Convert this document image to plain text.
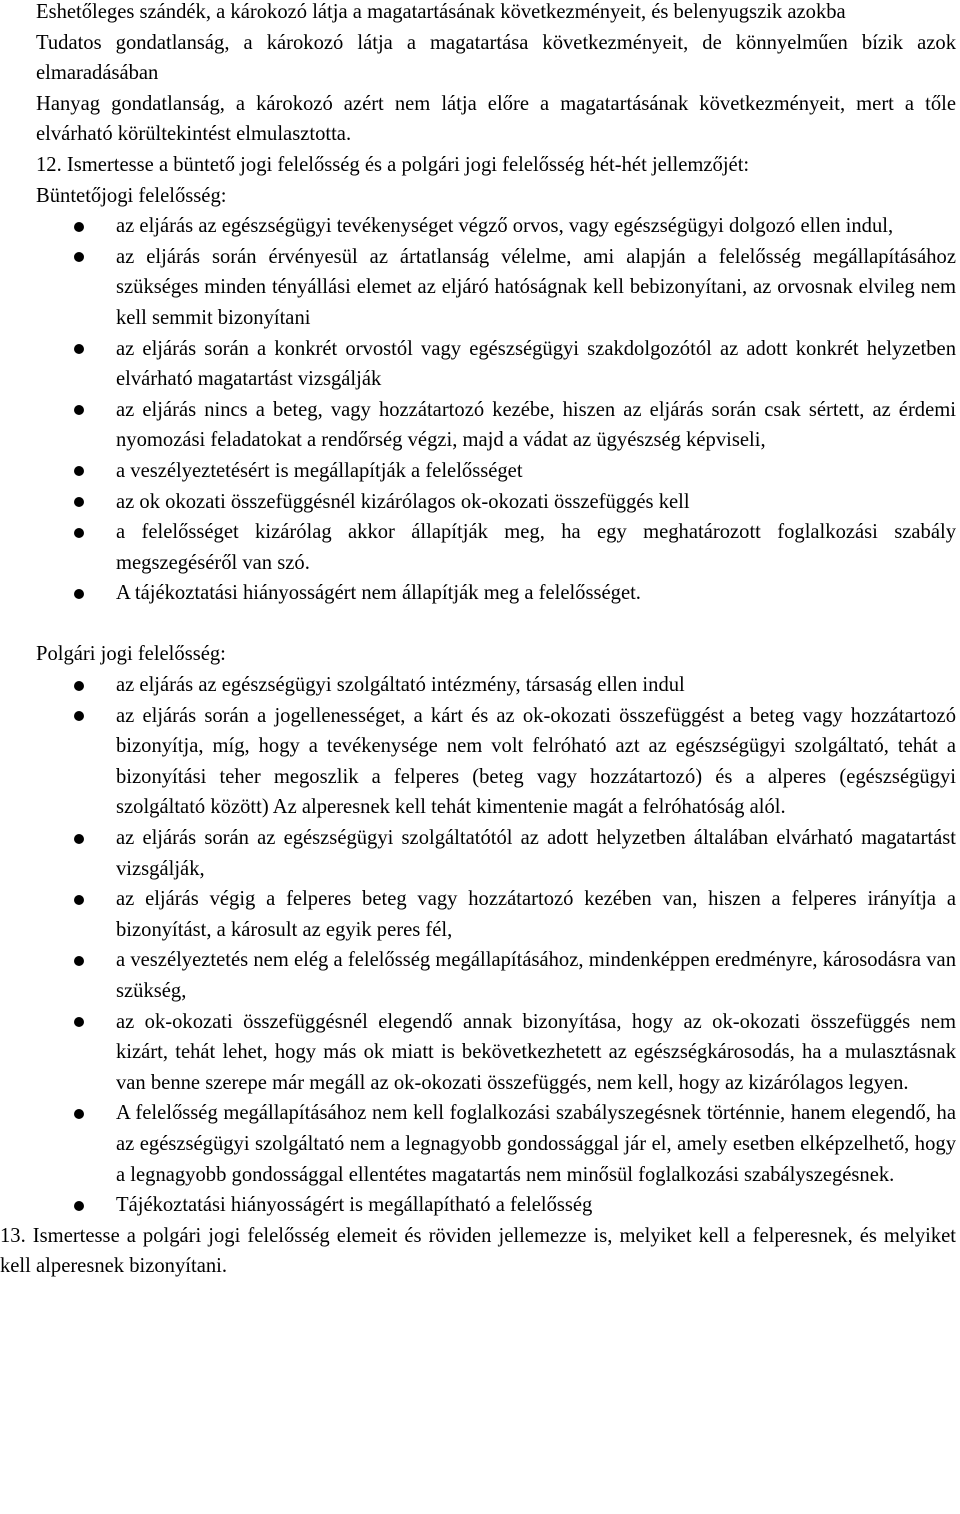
Eshetőleges szándék, a károkozó látja a magatartásának következményeit, és belenyugszik azokba

Tudatos gondatlanság, a károkozó látja a magatartása következményeit, de könnyelműen bízik azok elmaradásában

Hanyag gondatlanság, a károkozó azért nem látja előre a magatartásának következményeit, mert a tőle elvárható körültekintést elmulasztotta.

12. Ismertesse a büntető jogi felelősség és a polgári jogi felelősség hét-hét jellemzőjét:

Büntetőjogi felelősség:

az eljárás az egészségügyi tevékenységet végző orvos, vagy egészségügyi dolgozó ellen indul,
az eljárás során érvényesül az ártatlanság vélelme, ami alapján a felelősség megállapításához szükséges minden tényállási elemet az eljáró hatóságnak kell bebizonyítani, az orvosnak elvileg nem kell semmit bizonyítani
az eljárás során a konkrét orvostól vagy egészségügyi szakdolgozótól az adott konkrét helyzetben elvárható magatartást vizsgálják
az eljárás nincs a beteg, vagy hozzátartozó kezébe, hiszen az eljárás során csak sértett, az érdemi nyomozási feladatokat a rendőrség végzi, majd a vádat az ügyészség képviseli,
a veszélyeztetésért is megállapítják a felelősséget
az ok okozati összefüggésnél kizárólagos ok-okozati összefüggés kell
a felelősséget kizárólag akkor állapítják meg, ha egy meghatározott foglalkozási szabály megszegéséről van szó.
A tájékoztatási hiányosságért nem állapítják meg a felelősséget.

Polgári jogi felelősség:

az eljárás az egészségügyi szolgáltató intézmény, társaság ellen indul
az eljárás során a jogellenességet, a kárt és az ok-okozati összefüggést a beteg vagy hozzátartozó bizonyítja, míg, hogy a tevékenysége nem volt felróható azt az egészségügyi szolgáltató, tehát a bizonyítási teher megoszlik a felperes (beteg vagy hozzátartozó) és a alperes (egészségügyi szolgáltató között) Az alperesnek kell tehát kimentenie magát a felróhatóság alól.
az eljárás során az egészségügyi szolgáltatótól az adott helyzetben általában elvárható magatartást vizsgálják,
az eljárás végig a felperes beteg vagy hozzátartozó kezében van, hiszen a felperes irányítja a bizonyítást, a károsult az egyik peres fél,
a veszélyeztetés nem elég a felelősség megállapításához, mindenképpen eredményre, károsodásra van szükség,
az ok-okozati összefüggésnél elegendő annak bizonyítása, hogy az ok-okozati összefüggés nem kizárt, tehát lehet, hogy más ok miatt is bekövetkezhetett az egészségkárosodás, ha a mulasztásnak van benne szerepe már megáll az ok-okozati összefüggés, nem kell, hogy az kizárólagos legyen.
A felelősség megállapításához nem kell foglalkozási szabályszegésnek történnie, hanem elegendő, ha az egészségügyi szolgáltató nem a legnagyobb gondossággal jár el, amely esetben elképzelhető, hogy a legnagyobb gondossággal ellentétes magatartás nem minősül foglalkozási szabályszegésnek.
Tájékoztatási hiányosságért is megállapítható a felelősség

13. Ismertesse a polgári jogi felelősség elemeit és röviden jellemezze is, melyiket kell a felperesnek, és melyiket kell alperesnek bizonyítani.
